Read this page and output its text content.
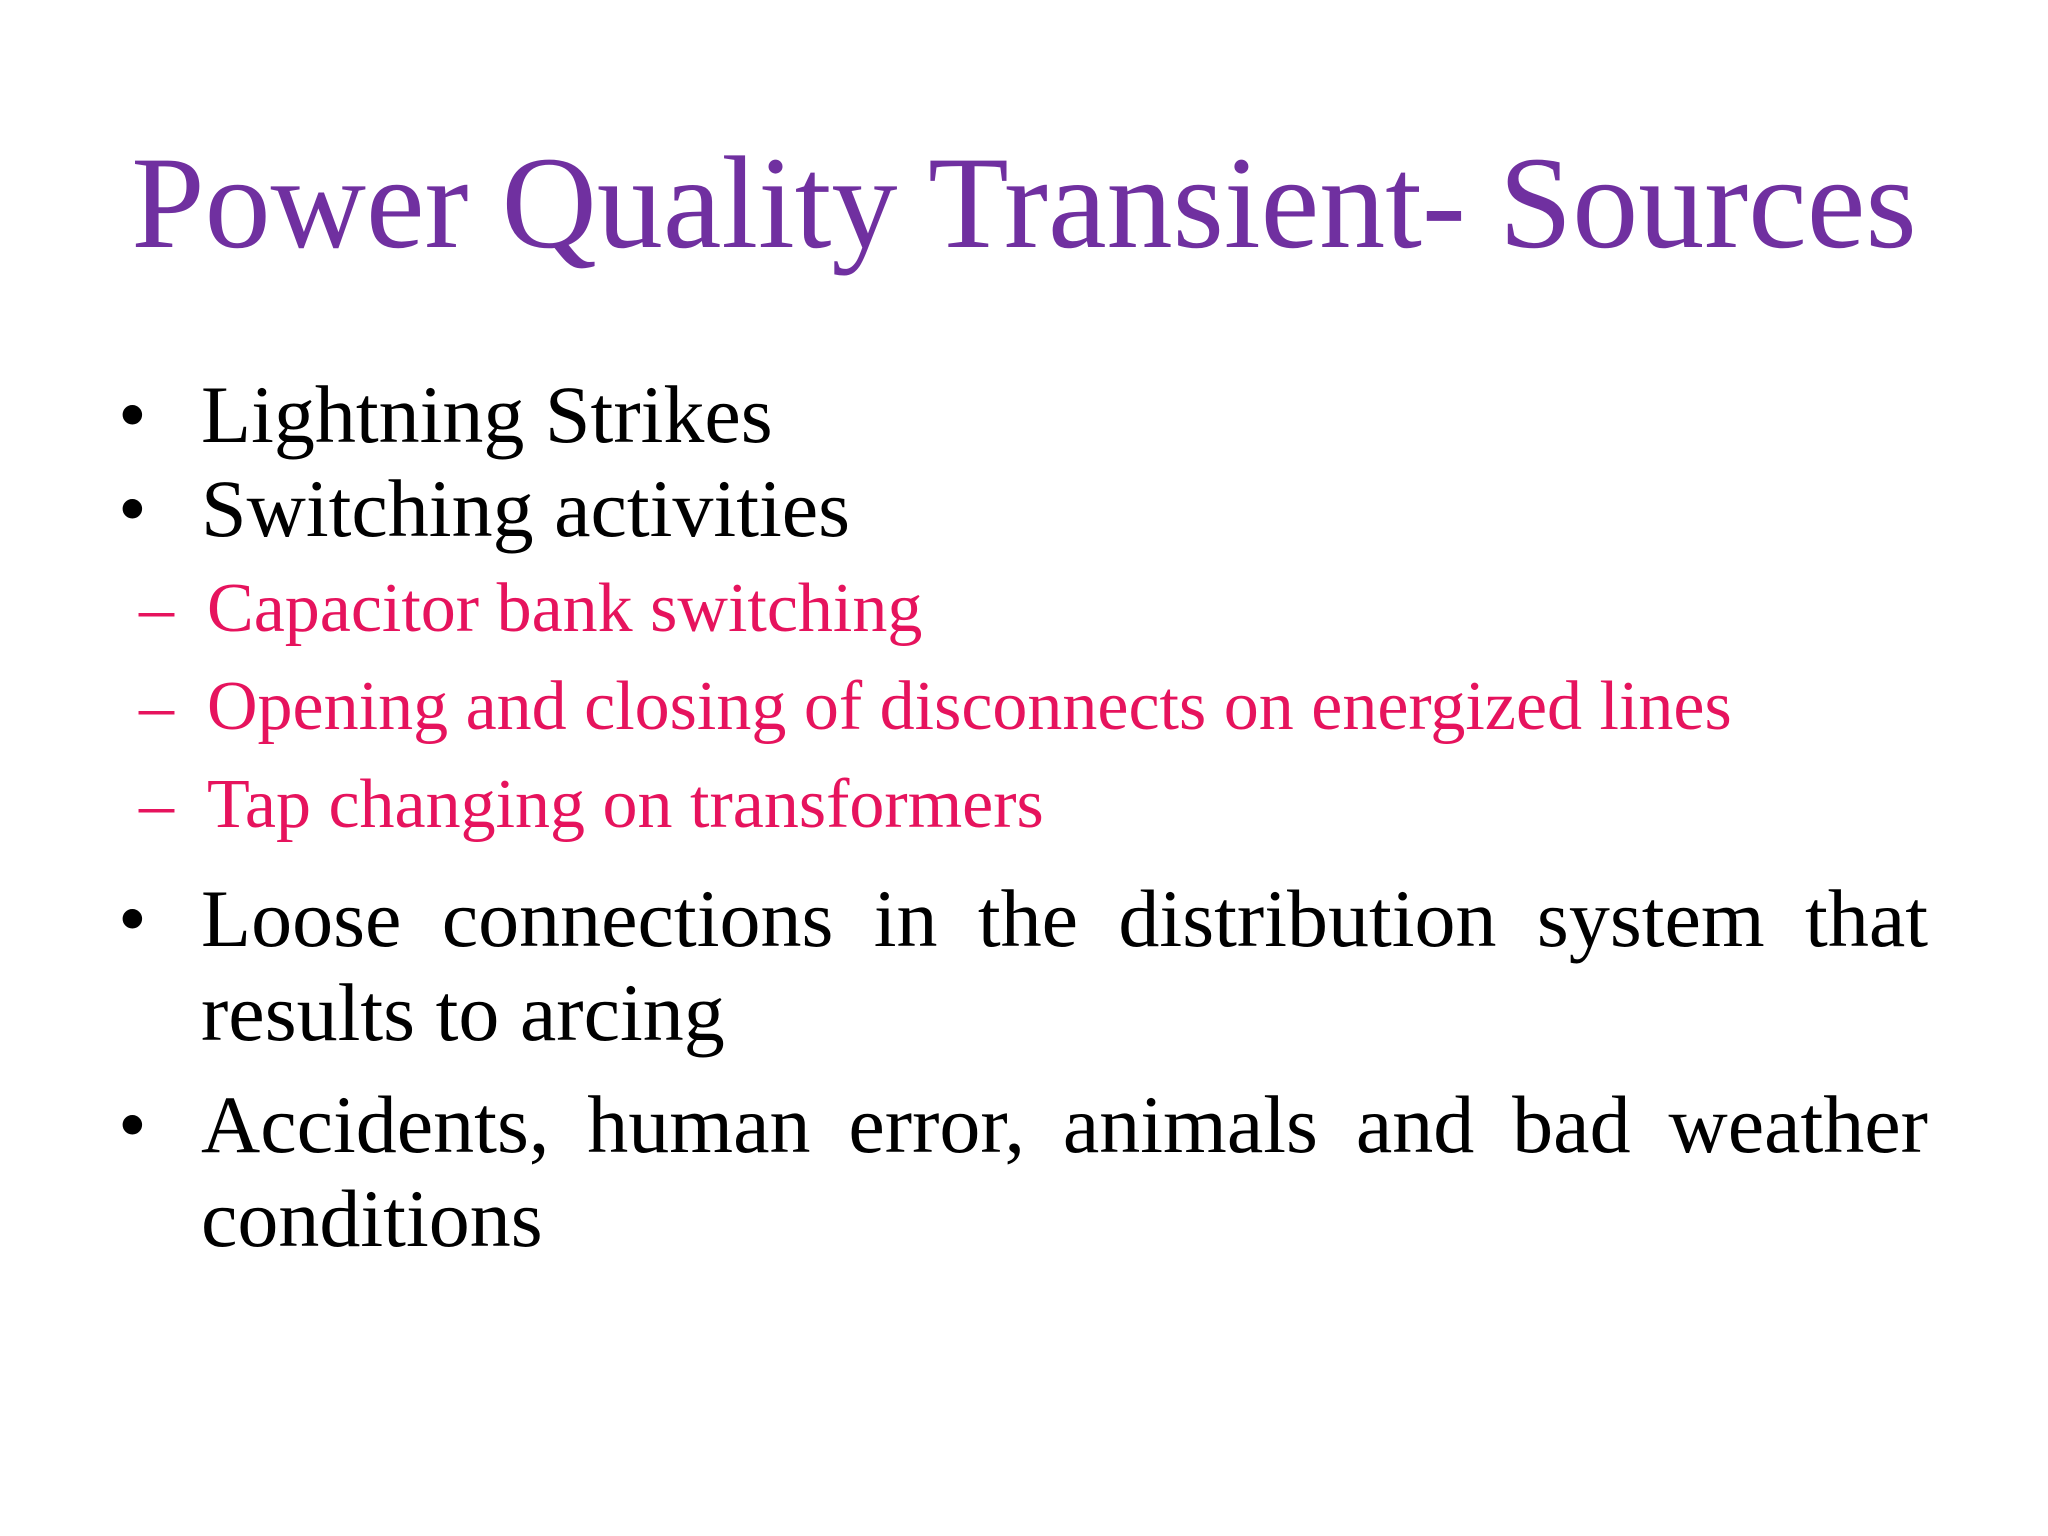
Power Quality Transient- Sources
• Lightning Strikes
• Switching activities
– Capacitor bank switching
– Opening and closing of disconnects on energized lines
– Tap changing on transformers
• Loose connections in the distribution system that results to arcing
• Accidents, human error, animals and bad weather conditions
